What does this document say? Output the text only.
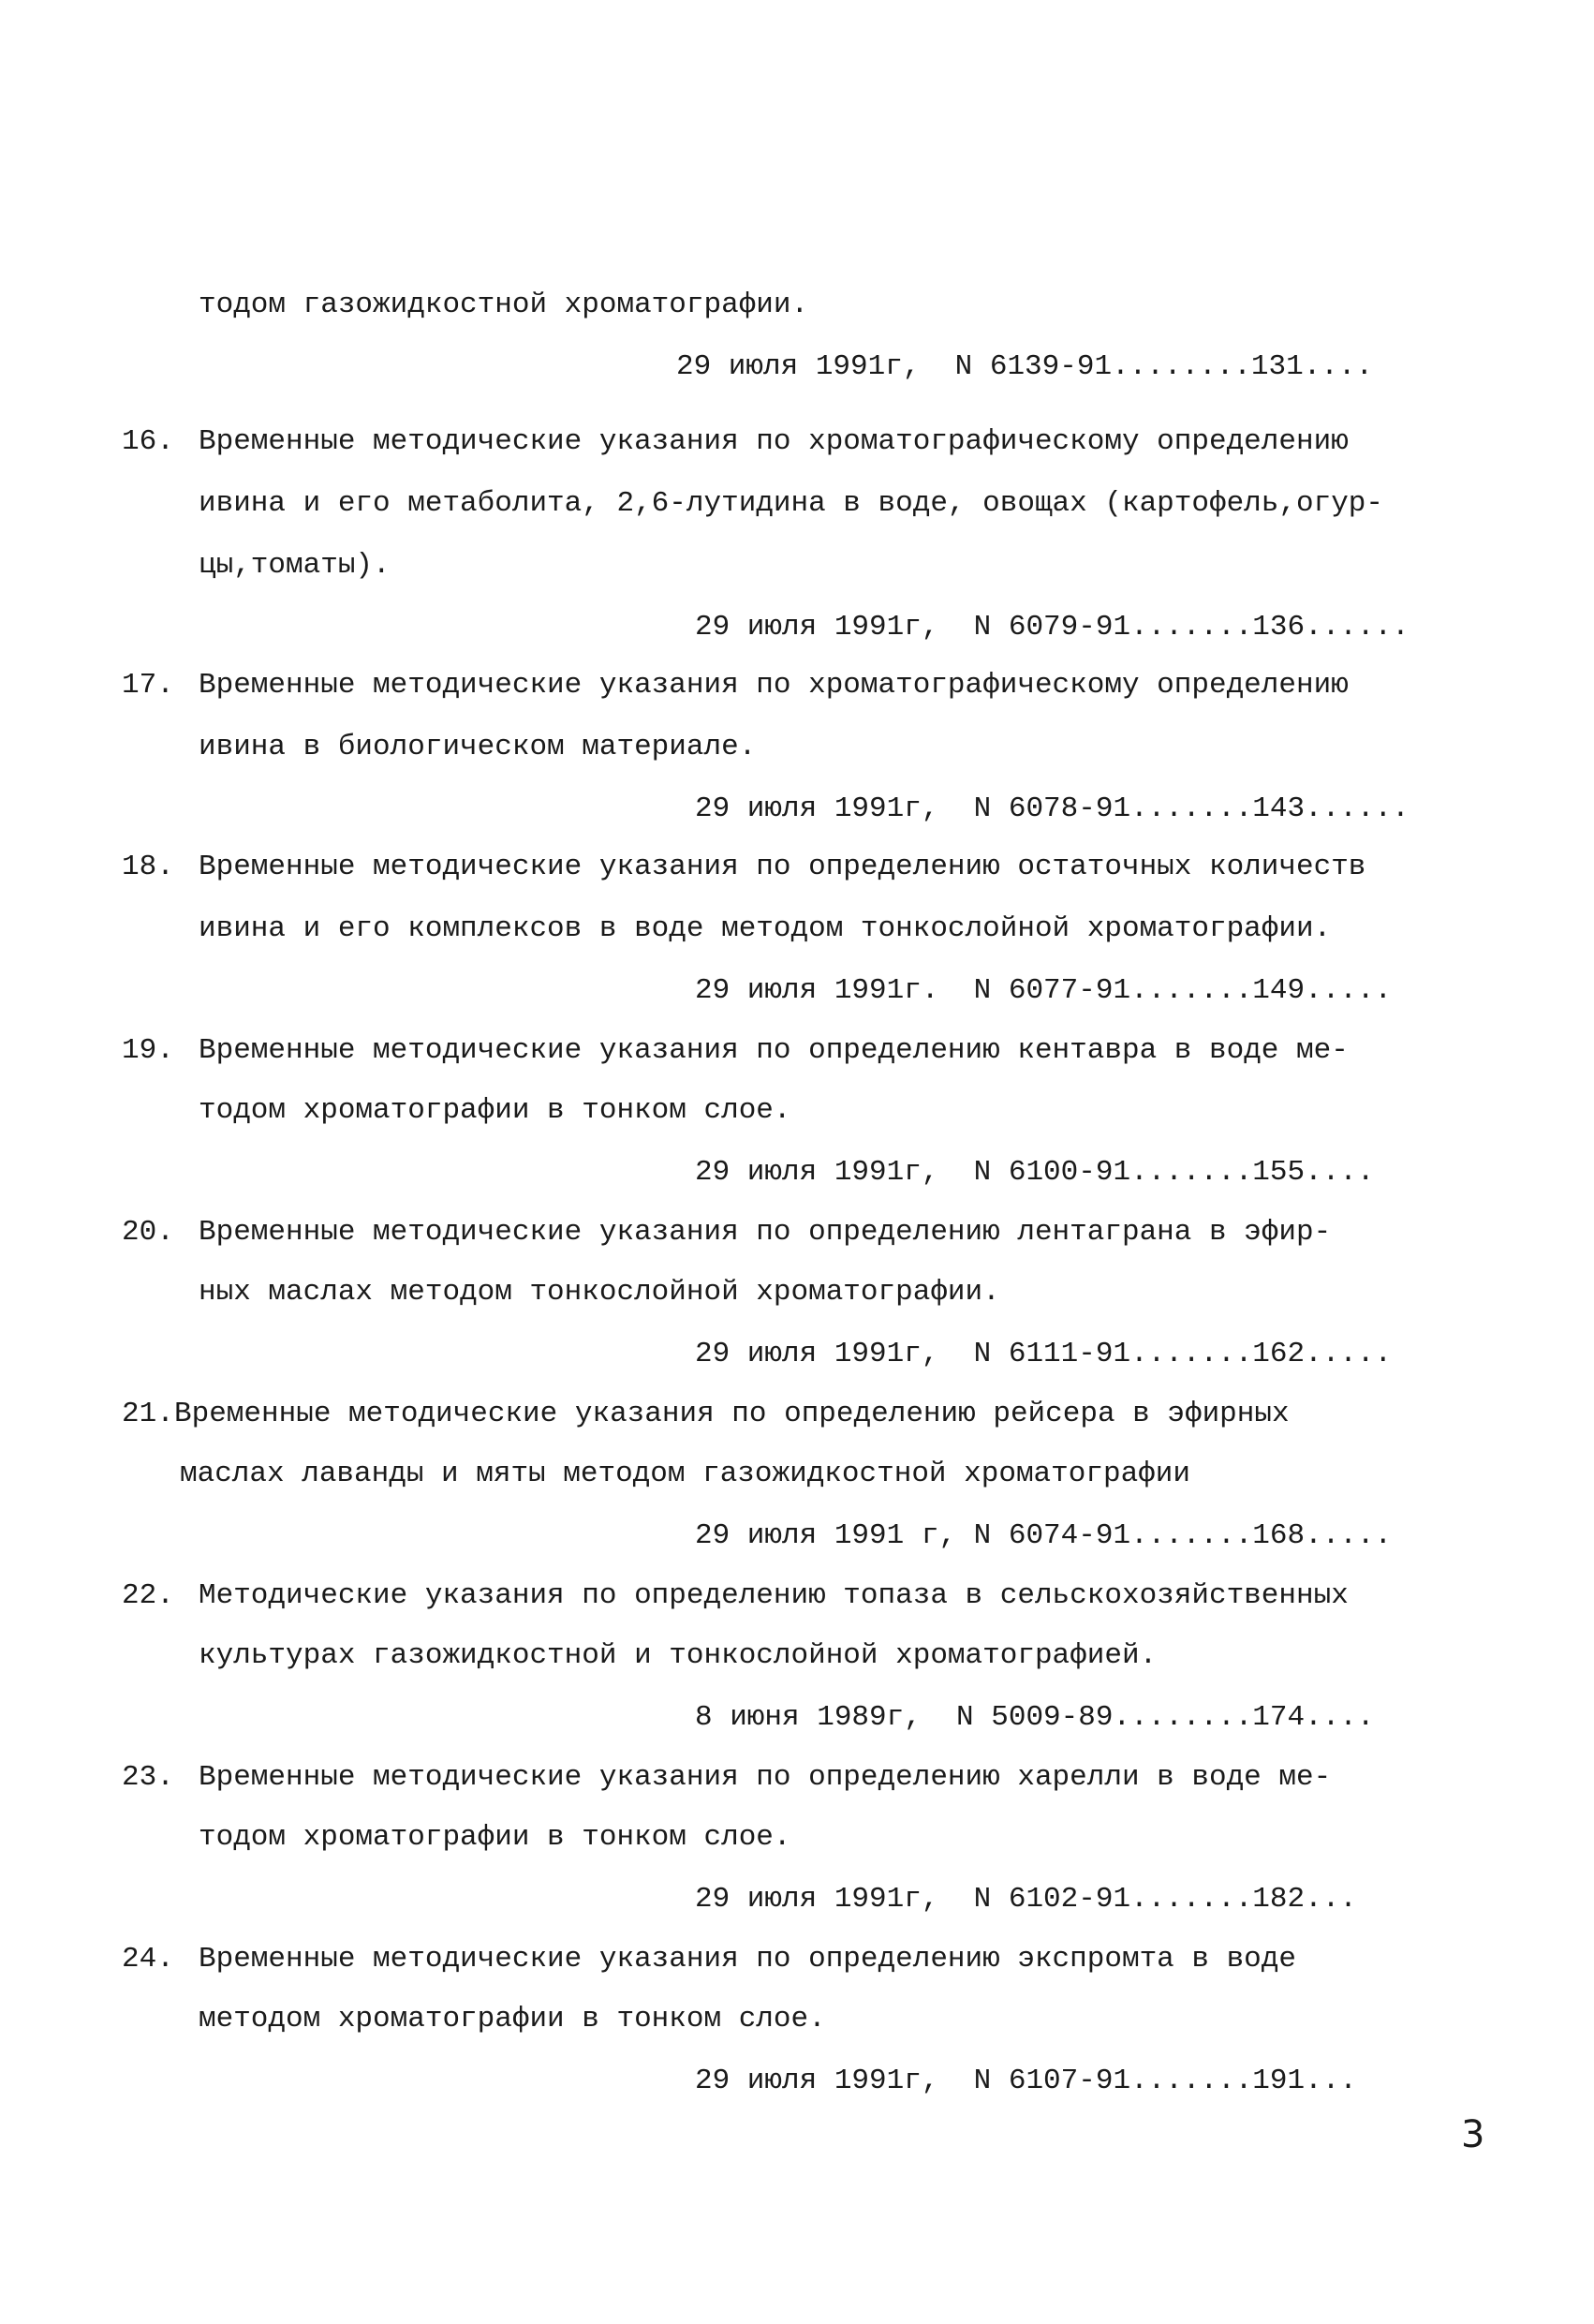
тодом газожидкостной хроматографии.
29 июля 1991г,  N 6139-91........131....
16. Временные методические указания по хроматографическому определению
ивина и его метаболита, 2,6-лутидина в воде, овощах (картофель,огур-
цы,томаты).
29 июля 1991г,  N 6079-91.......136......
17. Временные методические указания по хроматографическому определению
ивина в биологическом материале.
29 июля 1991г,  N 6078-91.......143......
18. Временные методические указания по определению остаточных количеств
ивина и его комплексов в воде методом тонкослойной хроматографии.
29 июля 1991г.  N 6077-91.......149.....
19. Временные методические указания по определению кентавра в воде ме-
тодом хроматографии в тонком слое.
29 июля 1991г,  N 6100-91.......155....
20. Временные методические указания по определению лентаграна в эфир-
ных маслах методом тонкослойной хроматографии.
29 июля 1991г,  N 6111-91.......162.....
21. Временные методические указания по определению рейсера в эфирных
маслах лаванды и мяты методом газожидкостной хроматографии
29 июля 1991 г, N 6074-91.......168.....
22. Методические указания по определению топаза в сельскохозяйственных
культурах газожидкостной и тонкослойной хроматографией.
8 июня 1989г,  N 5009-89........174....
23. Временные методические указания по определению харелли в воде ме-
тодом хроматографии в тонком слое.
29 июля 1991г,  N 6102-91.......182...
24. Временные методические указания по определению экспромта в воде
методом хроматографии в тонком слое.
29 июля 1991г,  N 6107-91.......191...
3
